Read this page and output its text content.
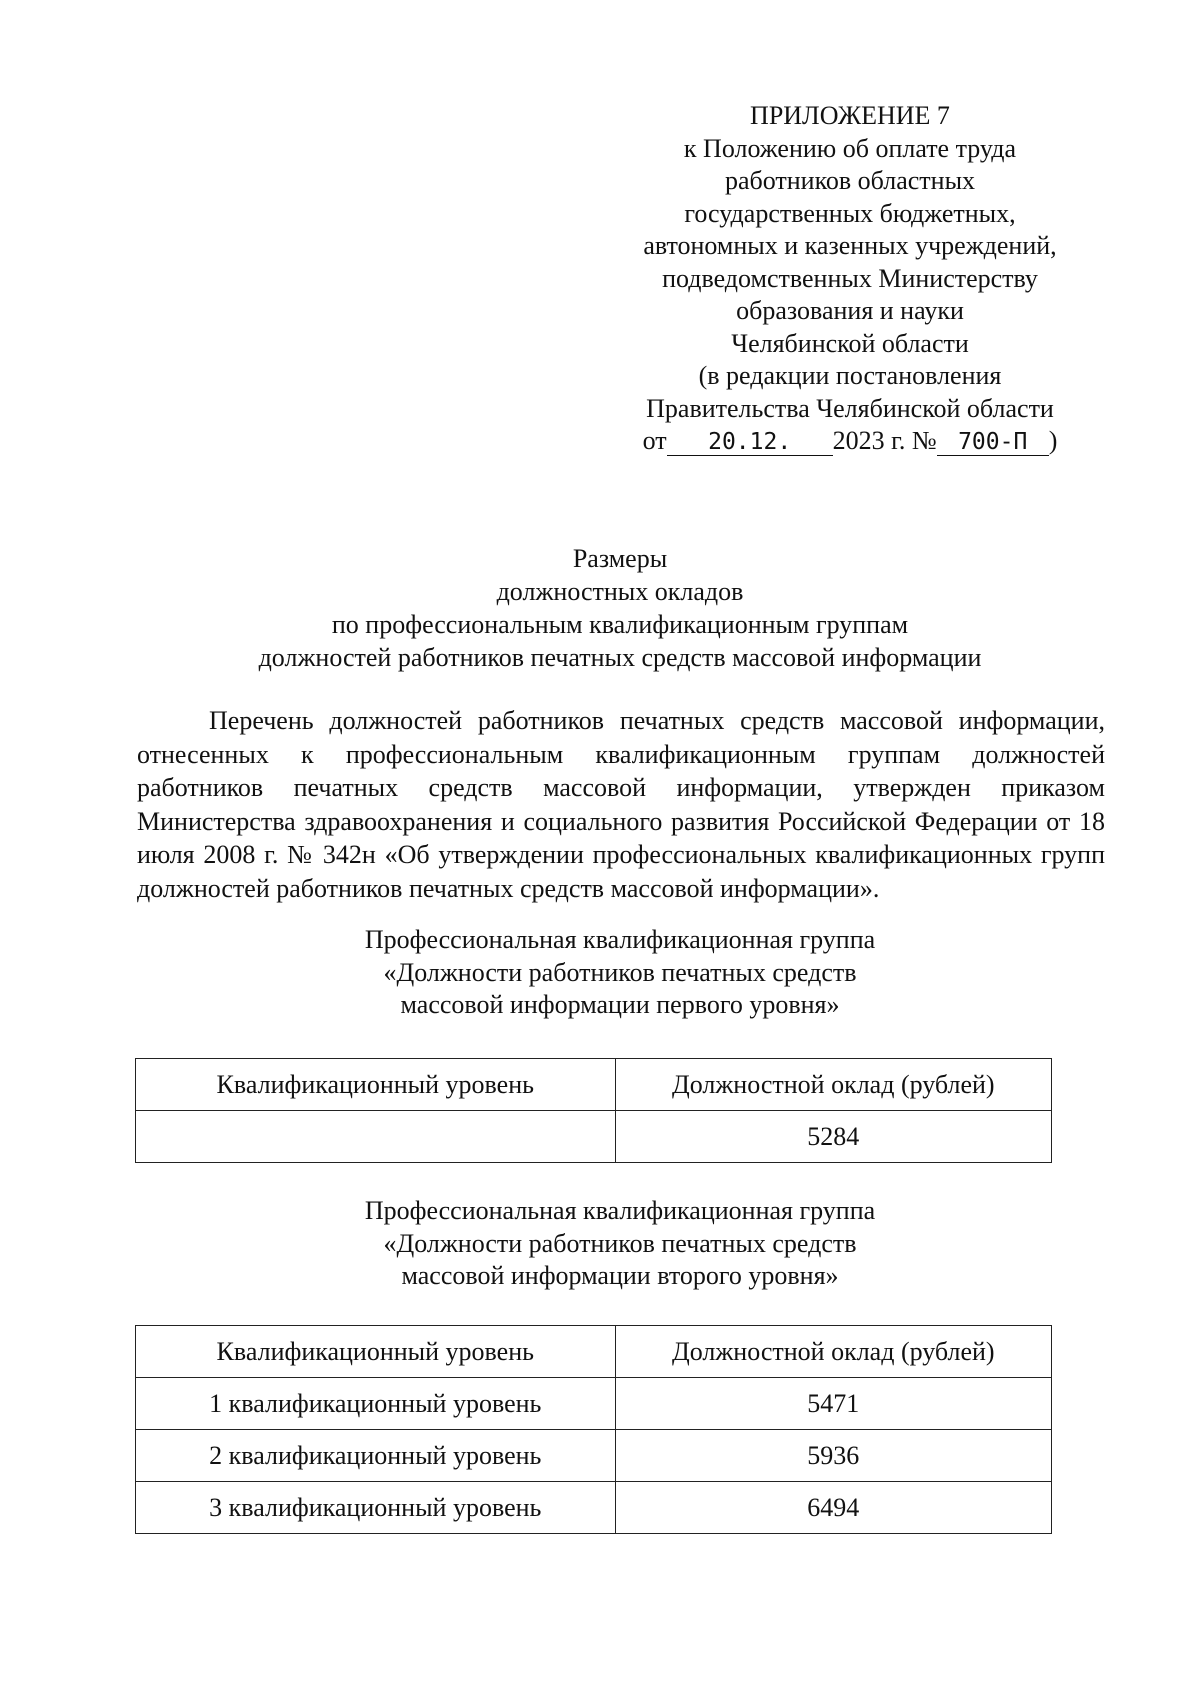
ПРИЛОЖЕНИЕ 7
к Положению об оплате труда
работников областных
государственных бюджетных,
автономных и казенных учреждений,
подведомственных Министерству
образования и науки
Челябинской области
(в редакции постановления
Правительства Челябинской области
от 20.12. 2023 г. № 700-П )
Размеры
должностных окладов
по профессиональным квалификационным группам
должностей работников печатных средств массовой информации
Перечень должностей работников печатных средств массовой информации, отнесенных к профессиональным квалификационным группам должностей работников печатных средств массовой информации, утвержден приказом Министерства здравоохранения и социального развития Российской Федерации от 18 июля 2008 г. № 342н «Об утверждении профессиональных квалификационных групп должностей работников печатных средств массовой информации».
Профессиональная квалификационная группа
«Должности работников печатных средств
массовой информации первого уровня»
Квалификационный уровень	Должностной оклад (рублей)
	5284
Профессиональная квалификационная группа
«Должности работников печатных средств
массовой информации второго уровня»
Квалификационный уровень	Должностной оклад (рублей)
1 квалификационный уровень	5471
2 квалификационный уровень	5936
3 квалификационный уровень	6494
